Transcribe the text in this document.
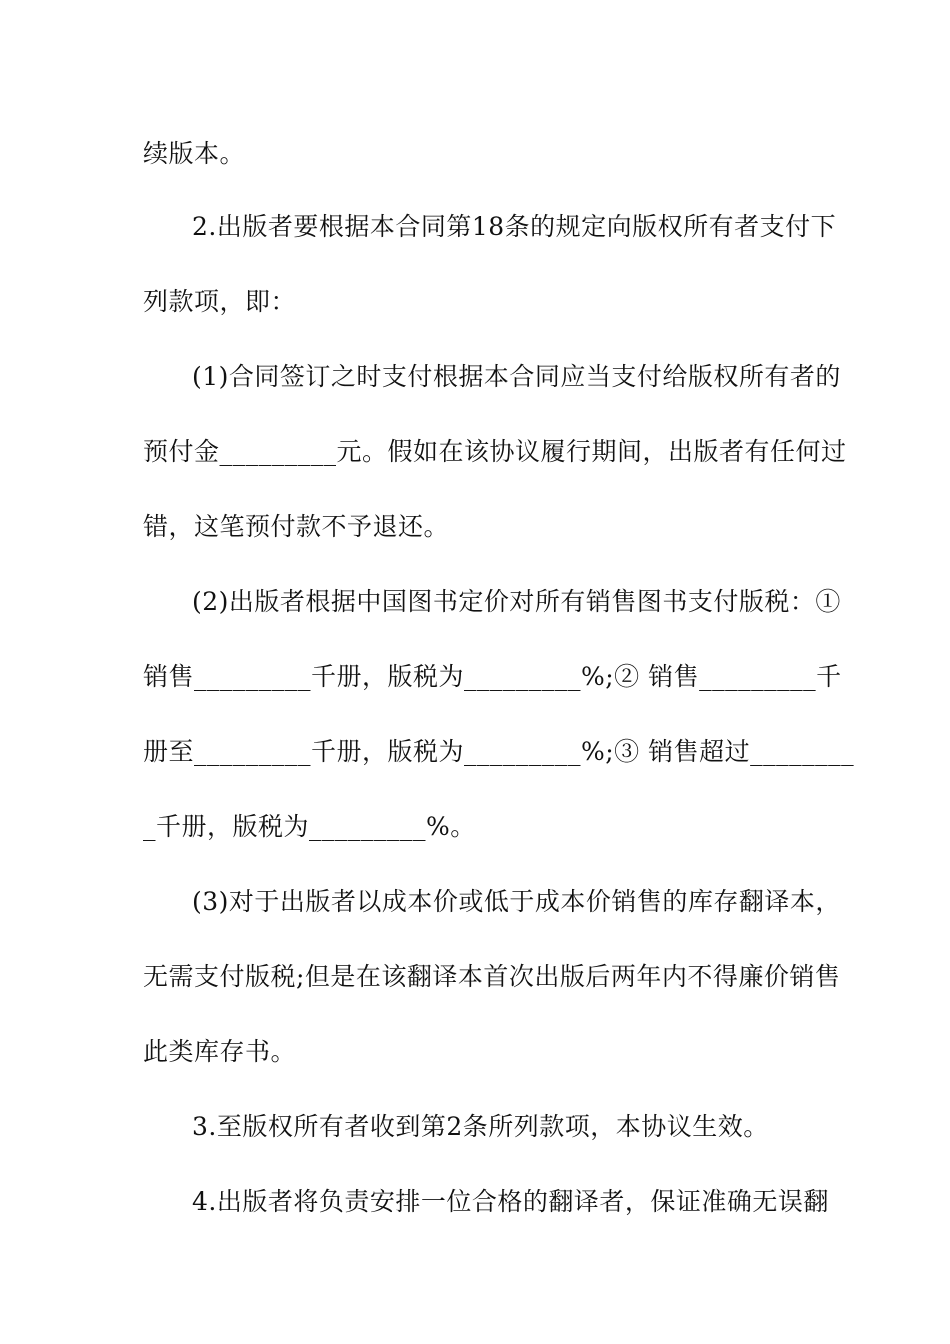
续版本。
2.出版者要根据本合同第18条的规定向版权所有者支付下
列款项，即：
(1)合同签订之时支付根据本合同应当支付给版权所有者的
预付金_________元。假如在该协议履行期间，出版者有任何过
错，这笔预付款不予退还。
(2)出版者根据中国图书定价对所有销售图书支付版税：①
销售_________千册，版税为_________%;② 销售_________千
册至_________千册，版税为_________%;③ 销售超过________
_千册，版税为_________%。
(3)对于出版者以成本价或低于成本价销售的库存翻译本，
无需支付版税;但是在该翻译本首次出版后两年内不得廉价销售
此类库存书。
3.至版权所有者收到第2条所列款项，本协议生效。
4.出版者将负责安排一位合格的翻译者，保证准确无误翻
